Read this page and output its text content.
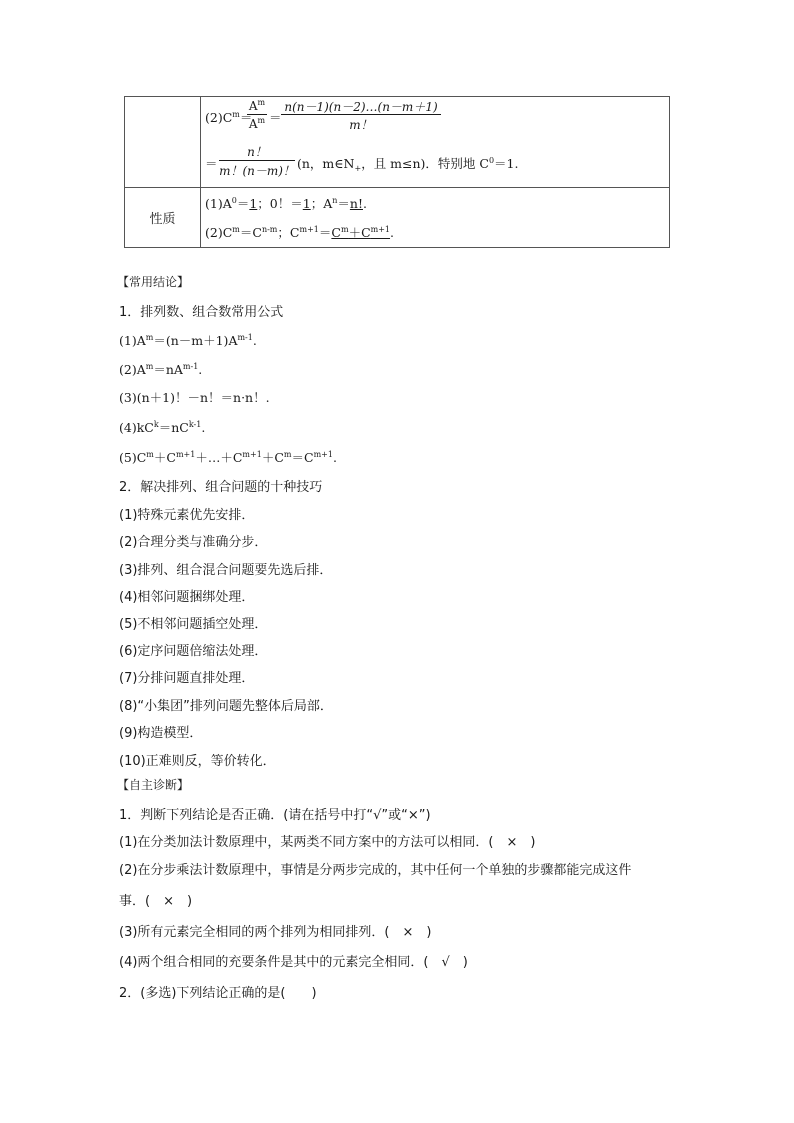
$(2)C^m=$
$A^m$
$A^m$ ＝
n(n－1)(n－2)…(n－m＋1)
m！
＝
n！
m！(n－m)！ (n，$m\in N_+$，且 m≤n)．特别地 $C^0=1$.
性质
$(1)A^0=1$；0！＝1；$A^n=n$!.
$(2)C^m=C^{n-m}$；$C^{m+1}=C^m+C^{m+1}$.
【常用结论】
1．排列数、组合数常用公式
$(1)A^m=(n-m+1)A^{m-1}$.
$(2)A^m=nA^{m-1}$.
(3)(n＋1)！－n！＝n·n！.
$(4)kC^k=nC^{k-1}$.
$(5)C^m+C^{m+1}+\dots+C^{m+1}+C^m=C^{m+1}$.
2．解决排列、组合问题的十种技巧
(1)特殊元素优先安排．
(2)合理分类与准确分步．
(3)排列、组合混合问题要先选后排．
(4)相邻问题捆绑处理．
(5)不相邻问题插空处理．
(6)定序问题倍缩法处理．
(7)分排问题直排处理．
(8)“小集团”排列问题先整体后局部．
(9)构造模型．
(10)正难则反，等价转化．
【自主诊断】
1．判断下列结论是否正确．(请在括号中打“√”或“×”)
(1)在分类加法计数原理中，某两类不同方案中的方法可以相同．(　×　)
(2)在分步乘法计数原理中，事情是分两步完成的，其中任何一个单独的步骤都能完成这件
事．(　×　)
(3)所有元素完全相同的两个排列为相同排列．(　×　)
(4)两个组合相同的充要条件是其中的元素完全相同．(　√　)
2．(多选)下列结论正确的是(　　)
